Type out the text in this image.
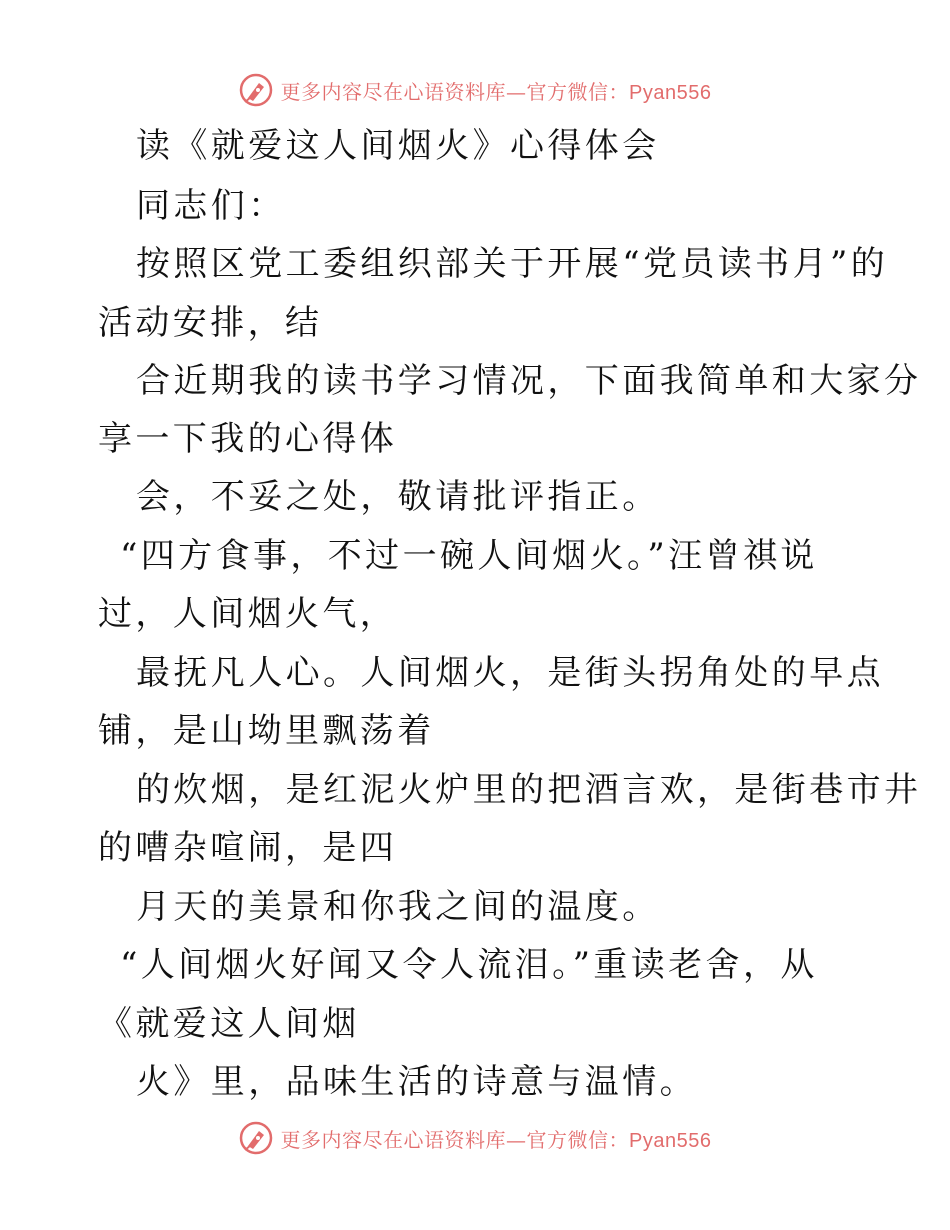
更多内容尽在心语资料库—官方微信：Pyan556
读《就爱这人间烟火》心得体会
同志们：
按照区党工委组织部关于开展“党员读书月”的
活动安排，结
合近期我的读书学习情况，下面我简单和大家分
享一下我的心得体
会，不妥之处，敬请批评指正。
“四方食事，不过一碗人间烟火。”汪曾祺说
过，人间烟火气，
最抚凡人心。人间烟火，是街头拐角处的早点
铺，是山坳里飘荡着
的炊烟，是红泥火炉里的把酒言欢，是街巷市井
的嘈杂喧闹，是四
月天的美景和你我之间的温度。
“人间烟火好闻又令人流泪。”重读老舍，从
《就爱这人间烟
火》里，品味生活的诗意与温情。
更多内容尽在心语资料库—官方微信：Pyan556
